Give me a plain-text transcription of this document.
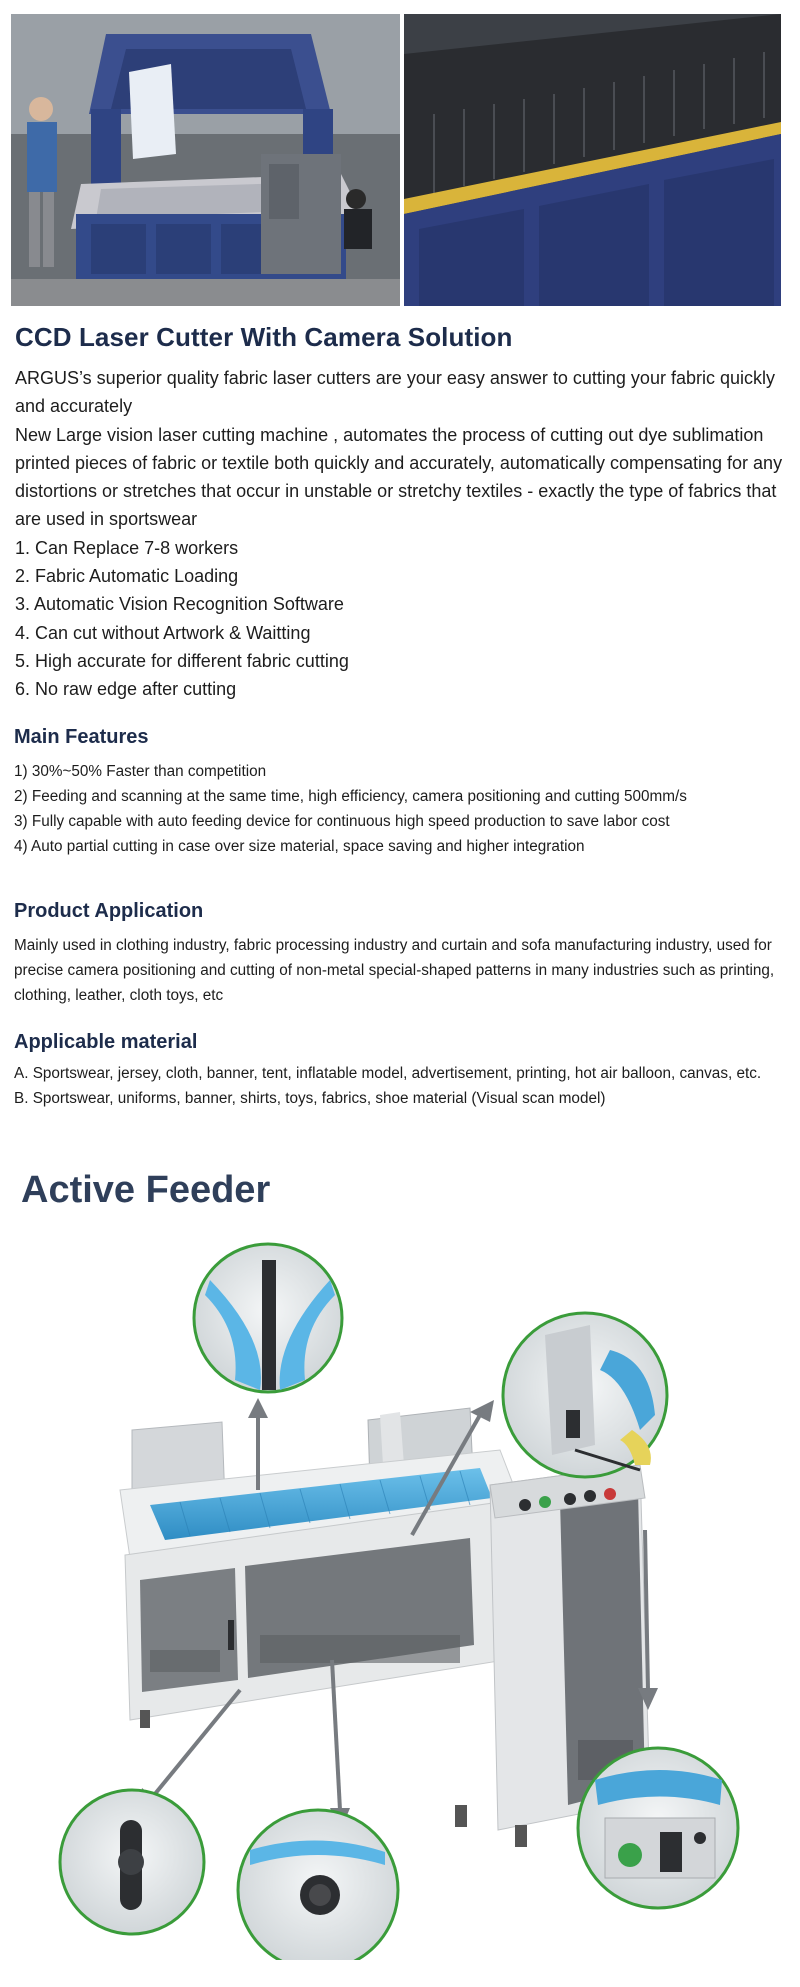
CCD Laser Cutter With Camera Solution

ARGUS’s superior quality fabric laser cutters are your easy answer to cutting your fabric quickly and accurately

New Large vision laser cutting machine , automates the process of cutting out dye sublimation printed pieces of fabric or textile both quickly and accurately, automatically compensating for any distortions or stretches that occur in unstable or stretchy textiles - exactly the type of fabrics that are used in sportswear

1. Can Replace 7-8 workers
2. Fabric Automatic Loading
3. Automatic Vision Recognition Software
4. Can cut without Artwork & Waitting
5. High accurate for different fabric cutting
6. No raw edge after cutting
Main Features
1) 30%~50% Faster than competition
2) Feeding and scanning at the same time, high efficiency, camera positioning and cutting 500mm/s
3) Fully capable with auto feeding device for continuous high speed production to save labor cost
4) Auto partial cutting in case over size material, space saving and higher integration
Product Application

Mainly used in clothing industry, fabric processing industry and curtain and sofa manufacturing industry, used for precise camera positioning and cutting of non-metal special-shaped patterns in many industries such as printing, clothing, leather, cloth toys, etc

Applicable material
A. Sportswear, jersey, cloth, banner, tent, inflatable model, advertisement, printing, hot air balloon, canvas, etc.
B. Sportswear, uniforms, banner, shirts, toys, fabrics, shoe material (Visual scan model)
Active Feeder
